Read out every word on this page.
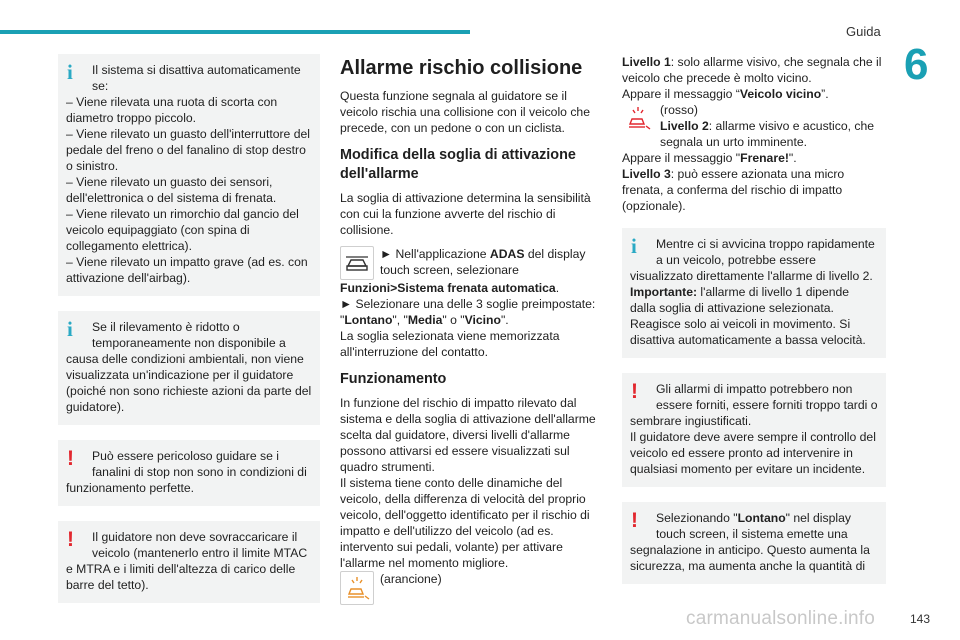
Guida
6
i	Il sistema si disattiva automaticamente se:
– Viene rilevata una ruota di scorta con diametro troppo piccolo.
– Viene rilevato un guasto dell'interruttore del pedale del freno o del fanalino di stop destro o sinistro.
– Viene rilevato un guasto dei sensori, dell'elettronica o del sistema di frenata.
– Viene rilevato un rimorchio dal gancio del veicolo equipaggiato (con spina di collegamento elettrica).
– Viene rilevato un impatto grave (ad es. con attivazione dell'airbag).
i	Se il rilevamento è ridotto o temporaneamente non disponibile a
causa delle condizioni ambientali, non viene visualizzata un'indicazione per il guidatore (poiché non sono richieste azioni da parte del guidatore).
!	Può essere pericoloso guidare se i fanalini di stop non sono in condizioni di
funzionamento perfette.
!	Il guidatore non deve sovraccaricare il veicolo (mantenerlo entro il limite MTAC
e MTRA e i limiti dell'altezza di carico delle barre del tetto).
Allarme rischio collisione

Questa funzione segnala al guidatore se il veicolo rischia una collisione con il veicolo che precede, con un pedone o con un ciclista.

Modifica della soglia di attivazione dell'allarme

La soglia di attivazione determina la sensibilità con cui la funzione avverte del rischio di collisione.

► Nell'applicazione ADAS del display touch screen, selezionare

Funzioni>Sistema frenata automatica.

► Selezionare una delle 3 soglie preimpostate: "Lontano", "Media" o "Vicino".

La soglia selezionata viene memorizzata all'interruzione del contatto.

Funzionamento

In funzione del rischio di impatto rilevato dal sistema e della soglia di attivazione dell'allarme scelta dal guidatore, diversi livelli d'allarme possono attivarsi ed essere visualizzati sul quadro strumenti.
Il sistema tiene conto delle dinamiche del veicolo, della differenza di velocità del proprio veicolo, dell'oggetto identificato per il rischio di impatto e dell'utilizzo del veicolo (ad es. intervento sui pedali, volante) per attivare l'allarme nel momento migliore.

(arancione)

Livello 1: solo allarme visivo, che segnala che il veicolo che precede è molto vicino.

Appare il messaggio “Veicolo vicino”.

(rosso)
Livello 2: allarme visivo e acustico, che segnala un urto imminente.

Appare il messaggio "Frenare!".

Livello 3: può essere azionata una micro frenata, a conferma del rischio di impatto (opzionale).

i	Mentre ci si avvicina troppo rapidamente a un veicolo, potrebbe essere
visualizzato direttamente l'allarme di livello 2.
Importante: l'allarme di livello 1 dipende dalla soglia di attivazione selezionata. Reagisce solo ai veicoli in movimento. Si disattiva automaticamente a bassa velocità.
!	Gli allarmi di impatto potrebbero non essere forniti, essere forniti troppo tardi o
sembrare ingiustificati.
Il guidatore deve avere sempre il controllo del veicolo ed essere pronto ad intervenire in qualsiasi momento per evitare un incidente.
!	Selezionando "Lontano" nel display touch screen, il sistema emette una
segnalazione in anticipo. Questo aumenta la sicurezza, ma aumenta anche la quantità di
carmanualsonline.info	143
